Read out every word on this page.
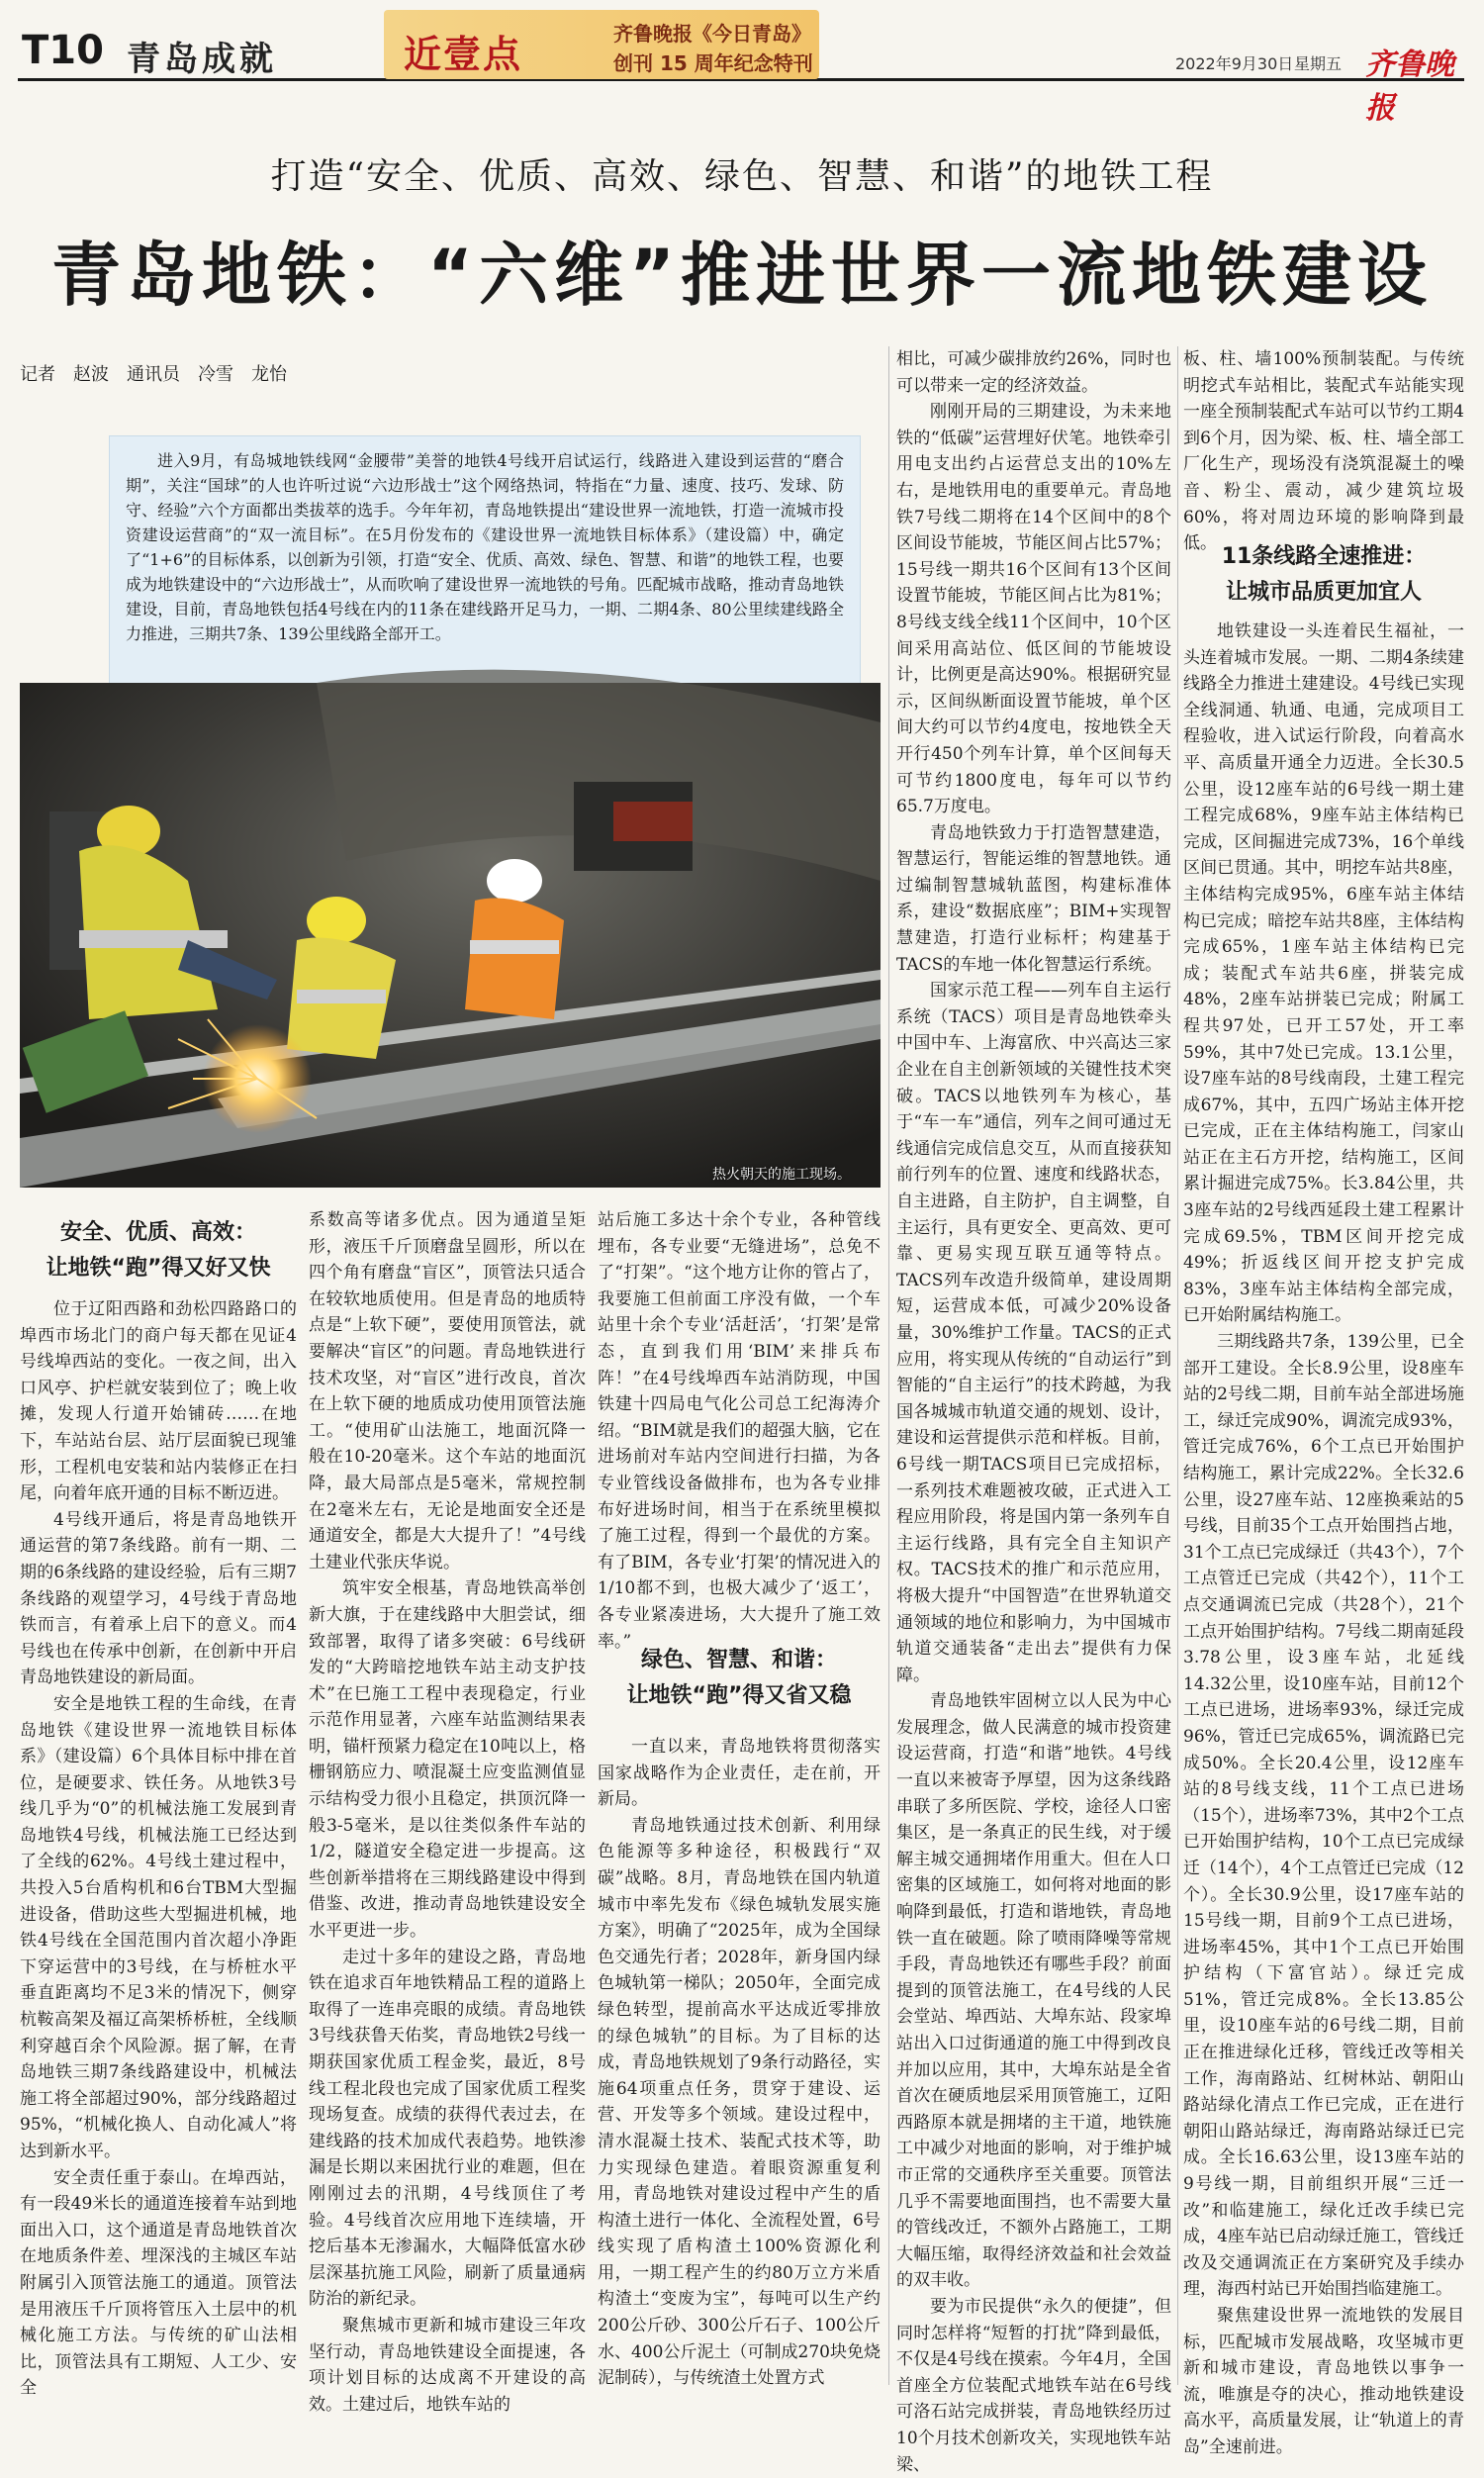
T10 青岛成就	近壹点	齐鲁晚报《今日青岛》
创刊 15 周年纪念特刊	2022年9月30日 星期五 齐鲁晚报
打造“安全、优质、高效、绿色、智慧、和谐”的地铁工程
青岛地铁：“六维”推进世界一流地铁建设
记者　赵波　通讯员　冷雪　龙怡

进入9月，有岛城地铁线网“金腰带”美誉的地铁4号线开启试运行，线路进入建设到运营的“磨合期”，关注“国球”的人也许听过说“六边形战士”这个网络热词，特指在“力量、速度、技巧、发球、防守、经验”六个方面都出类拔萃的选手。今年年初，青岛地铁提出“建设世界一流地铁，打造一流城市投资建设运营商”的“双一流目标”。在5月份发布的《建设世界一流地铁目标体系》（建设篇）中，确定了“1+6”的目标体系，以创新为引领，打造“安全、优质、高效、绿色、智慧、和谐”的地铁工程，也要成为地铁建设中的“六边形战士”，从而吹响了建设世界一流地铁的号角。匹配城市战略，推动青岛地铁建设，目前，青岛地铁包括4号线在内的11条在建线路开足马力，一期、二期4条、80公里续建线路全力推进，三期共7条、139公里线路全部开工。

热火朝天的施工现场。
安全、优质、高效：
让地铁“跑”得又好又快

位于辽阳西路和劲松四路路口的埠西市场北门的商户每天都在见证4号线埠西站的变化。一夜之间，出入口风亭、护栏就安装到位了；晚上收摊，发现人行道开始铺砖……在地下，车站站台层、站厅层面貌已现雏形，工程机电安装和站内装修正在扫尾，向着年底开通的目标不断迈进。

4号线开通后，将是青岛地铁开通运营的第7条线路。前有一期、二期的6条线路的建设经验，后有三期7条线路的观望学习，4号线于青岛地铁而言，有着承上启下的意义。而4号线也在传承中创新，在创新中开启青岛地铁建设的新局面。

安全是地铁工程的生命线，在青岛地铁《建设世界一流地铁目标体系》（建设篇）6个具体目标中排在首位，是硬要求、铁任务。从地铁3号线几乎为“0”的机械法施工发展到青岛地铁4号线，机械法施工已经达到了全线的62%。4号线土建过程中，共投入5台盾构机和6台TBM大型掘进设备，借助这些大型掘进机械，地铁4号线在全国范围内首次超小净距下穿运营中的3号线，在与桥桩水平垂直距离均不足3米的情况下，侧穿杭鞍高架及福辽高架桥桥桩，全线顺利穿越百余个风险源。据了解，在青岛地铁三期7条线路建设中，机械法施工将全部超过90%，部分线路超过95%，“机械化换人、自动化减人”将达到新水平。

安全责任重于泰山。在埠西站，有一段49米长的通道连接着车站到地面出入口，这个通道是青岛地铁首次在地质条件差、埋深浅的主城区车站附属引入顶管法施工的通道。顶管法是用液压千斤顶将管压入土层中的机械化施工方法。与传统的矿山法相比，顶管法具有工期短、人工少、安全

系数高等诸多优点。因为通道呈矩形，液压千斤顶磨盘呈圆形，所以在四个角有磨盘“盲区”，顶管法只适合在较软地质使用。但是青岛的地质特点是“上软下硬”，要使用顶管法，就要解决“盲区”的问题。青岛地铁进行技术攻坚，对“盲区”进行改良，首次在上软下硬的地质成功使用顶管法施工。“使用矿山法施工，地面沉降一般在10-20毫米。这个车站的地面沉降，最大局部点是5毫米，常规控制在2毫米左右，无论是地面安全还是通道安全，都是大大提升了！”4号线土建业代张庆华说。

筑牢安全根基，青岛地铁高举创新大旗，于在建线路中大胆尝试，细致部署，取得了诸多突破：6号线研发的“大跨暗挖地铁车站主动支护技术”在巳施工工程中表现稳定，行业示范作用显著，六座车站监测结果表明，锚杆预紧力稳定在10吨以上，格栅钢筋应力、喷混凝土应变监测值显示结构受力很小且稳定，拱顶沉降一般3-5毫米，是以往类似条件车站的1/2，隧道安全稳定进一步提高。这些创新举措将在三期线路建设中得到借鉴、改进，推动青岛地铁建设安全水平更进一步。

走过十多年的建设之路，青岛地铁在追求百年地铁精品工程的道路上取得了一连串亮眼的成绩。青岛地铁3号线获鲁天佑奖，青岛地铁2号线一期获国家优质工程金奖，最近，8号线工程北段也完成了国家优质工程奖现场复查。成绩的获得代表过去，在建线路的技术加成代表趋势。地铁渗漏是长期以来困扰行业的难题，但在刚刚过去的汛期，4号线顶住了考验。4号线首次应用地下连续墙，开挖后基本无渗漏水，大幅降低富水砂层深基抗施工风险，刷新了质量通病防治的新纪录。

聚焦城市更新和城市建设三年攻坚行动，青岛地铁建设全面提速，各项计划目标的达成离不开建设的高效。土建过后，地铁车站的

站后施工多达十余个专业，各种管线埋布，各专业要“无缝进场”，总免不了“打架”。“这个地方让你的管占了，我要施工但前面工序没有做，一个车站里十余个专业‘活赶活’，‘打架’是常态，直到我们用‘BIM’来排兵布阵！”在4号线埠西车站消防现，中国铁建十四局电气化公司总工纪海涛介绍。“BIM就是我们的超强大脑，它在进场前对车站内空间进行扫描，为各专业管线设备做排布，也为各专业排布好进场时间，相当于在系统里模拟了施工过程，得到一个最优的方案。有了BIM，各专业‘打架’的情况进入的1/10都不到，也极大减少了‘返工’，各专业紧凑进场，大大提升了施工效率。”

绿色、智慧、和谐：
让地铁“跑”得又省又稳

一直以来，青岛地铁将贯彻落实国家战略作为企业责任，走在前，开新局。

青岛地铁通过技术创新、利用绿色能源等多种途径，积极践行“双碳”战略。8月，青岛地铁在国内轨道城市中率先发布《绿色城轨发展实施方案》，明确了“2025年，成为全国绿色交通先行者；2028年，新身国内绿色城轨第一梯队；2050年，全面完成绿色转型，提前高水平达成近零排放的绿色城轨”的目标。为了目标的达成，青岛地铁规划了9条行动路径，实施64项重点任务，贯穿于建设、运营、开发等多个领域。建设过程中，清水混凝土技术、装配式技术等，助力实现绿色建造。着眼资源重复利用，青岛地铁对建设过程中产生的盾构渣土进行一体化、全流程处置，6号线实现了盾构渣土100%资源化利用，一期工程产生的约80万立方米盾构渣土“变废为宝”，每吨可以生产约200公斤砂、300公斤石子、100公斤水、400公斤泥土（可制成270块免烧泥制砖），与传统渣土处置方式

相比，可减少碳排放约26%，同时也可以带来一定的经济效益。

刚刚开局的三期建设，为未来地铁的“低碳”运营埋好伏笔。地铁牵引用电支出约占运营总支出的10%左右，是地铁用电的重要单元。青岛地铁7号线二期将在14个区间中的8个区间设节能坡，节能区间占比57%；15号线一期共16个区间有13个区间设置节能坡，节能区间占比为81%；8号线支线全线11个区间中，10个区间采用高站位、低区间的节能坡设计，比例更是高达90%。根据研究显示，区间纵断面设置节能坡，单个区间大约可以节约4度电，按地铁全天开行450个列车计算，单个区间每天可节约1800度电，每年可以节约65.7万度电。

青岛地铁致力于打造智慧建造，智慧运行，智能运维的智慧地铁。通过编制智慧城轨蓝图，构建标准体系，建设“数据底座”；BIM+实现智慧建造，打造行业标杆；构建基于TACS的车地一体化智慧运行系统。

国家示范工程——列车自主运行系统（TACS）项目是青岛地铁牵头中国中车、上海富欣、中兴高达三家企业在自主创新领域的关键性技术突破。TACS以地铁列车为核心，基于“车一车”通信，列车之间可通过无线通信完成信息交互，从而直接获知前行列车的位置、速度和线路状态，自主进路，自主防护，自主调整，自主运行，具有更安全、更高效、更可靠、更易实现互联互通等特点。TACS列车改造升级简单，建设周期短，运营成本低，可减少20%设备量，30%维护工作量。TACS的正式应用，将实现从传统的“自动运行”到智能的“自主运行”的技术跨越，为我国各城城市轨道交通的规划、设计，建设和运营提供示范和样板。目前，6号线一期TACS项目已完成招标，一系列技术难题被攻破，正式进入工程应用阶段，将是国内第一条列车自主运行线路，具有完全自主知识产权。TACS技术的推广和示范应用，将极大提升“中国智造”在世界轨道交通领域的地位和影响力，为中国城市轨道交通装备“走出去”提供有力保障。

青岛地铁牢固树立以人民为中心发展理念，做人民满意的城市投资建设运营商，打造“和谐”地铁。4号线一直以来被寄予厚望，因为这条线路串联了多所医院、学校，途径人口密集区，是一条真正的民生线，对于缓解主城交通拥堵作用重大。但在人口密集的区域施工，如何将对地面的影响降到最低，打造和谐地铁，青岛地铁一直在破题。除了喷雨降噪等常规手段，青岛地铁还有哪些手段？前面提到的顶管法施工，在4号线的人民会堂站、埠西站、大埠东站、段家埠站出入口过街通道的施工中得到改良并加以应用，其中，大埠东站是全省首次在硬质地层采用顶管施工，辽阳西路原本就是拥堵的主干道，地铁施工中减少对地面的影响，对于维护城市正常的交通秩序至关重要。顶管法几乎不需要地面围挡，也不需要大量的管线改迁，不额外占路施工，工期大幅压缩，取得经济效益和社会效益的双丰收。

要为市民提供“永久的便捷”，但同时怎样将“短暂的打扰”降到最低，不仅是4号线在摸索。今年4月，全国首座全方位装配式地铁车站在6号线可洛石站完成拼装，青岛地铁经历过10个月技术创新攻关，实现地铁车站梁、

板、柱、墙100%预制装配。与传统明挖式车站相比，装配式车站能实现一座全预制装配式车站可以节约工期4到6个月，因为梁、板、柱、墙全部工厂化生产，现场没有浇筑混凝土的噪音、粉尘、震动，减少建筑垃圾60%，将对周边环境的影响降到最低。

11条线路全速推进：
让城市品质更加宜人

地铁建设一头连着民生福祉，一头连着城市发展。一期、二期4条续建线路全力推进土建建设。4号线已实现全线洞通、轨通、电通，完成项目工程验收，进入试运行阶段，向着高水平、高质量开通全力迈进。全长30.5公里，设12座车站的6号线一期土建工程完成68%，9座车站主体结构已完成，区间掘进完成73%，16个单线区间已贯通。其中，明挖车站共8座，主体结构完成95%，6座车站主体结构已完成；暗挖车站共8座，主体结构完成65%，1座车站主体结构已完成；装配式车站共6座，拼装完成48%，2座车站拼装已完成；附属工程共97处，已开工57处，开工率59%，其中7处已完成。13.1公里，设7座车站的8号线南段，土建工程完成67%，其中，五四广场站主体开挖已完成，正在主体结构施工，闫家山站正在主石方开挖，结构施工，区间累计掘进完成75%。长3.84公里，共3座车站的2号线西延段土建工程累计完成69.5%，TBM区间开挖完成49%；折返线区间开挖支护完成83%，3座车站主体结构全部完成，已开始附属结构施工。

三期线路共7条，139公里，已全部开工建设。全长8.9公里，设8座车站的2号线二期，目前车站全部进场施工，绿迁完成90%，调流完成93%，管迁完成76%，6个工点已开始围护结构施工，累计完成22%。全长32.6公里，设27座车站、12座换乘站的5号线，目前35个工点开始围挡占地，31个工点已完成绿迁（共43个），7个工点管迁已完成（共42个），11个工点交通调流已完成（共28个），21个工点开始围护结构。7号线二期南延段3.78公里，设3座车站，北延线14.32公里，设10座车站，目前12个工点已进场，进场率93%，绿迁完成96%，管迁已完成65%，调流路已完成50%。全长20.4公里，设12座车站的8号线支线，11个工点已进场（15个），进场率73%，其中2个工点已开始围护结构，10个工点已完成绿迁（14个），4个工点管迁已完成（12个）。全长30.9公里，设17座车站的15号线一期，目前9个工点已进场，进场率45%，其中1个工点已开始围护结构（下富官站）。绿迁完成51%，管迁完成8%。全长13.85公里，设10座车站的6号线二期，目前正在推进绿化迁移，管线迁改等相关工作，海南路站、红树林站、朝阳山路站绿化清点工作已完成，正在进行朝阳山路站绿迁，海南路站绿迁已完成。全长16.63公里，设13座车站的9号线一期，目前组织开展“三迁一改”和临建施工，绿化迁改手续已完成，4座车站已启动绿迁施工，管线迁改及交通调流正在方案研究及手续办理，海西村站已开始围挡临建施工。

聚焦建设世界一流地铁的发展目标，匹配城市发展战略，攻坚城市更新和城市建设，青岛地铁以事争一流，唯旗是夺的决心，推动地铁建设高水平，高质量发展，让“轨道上的青岛”全速前进。
